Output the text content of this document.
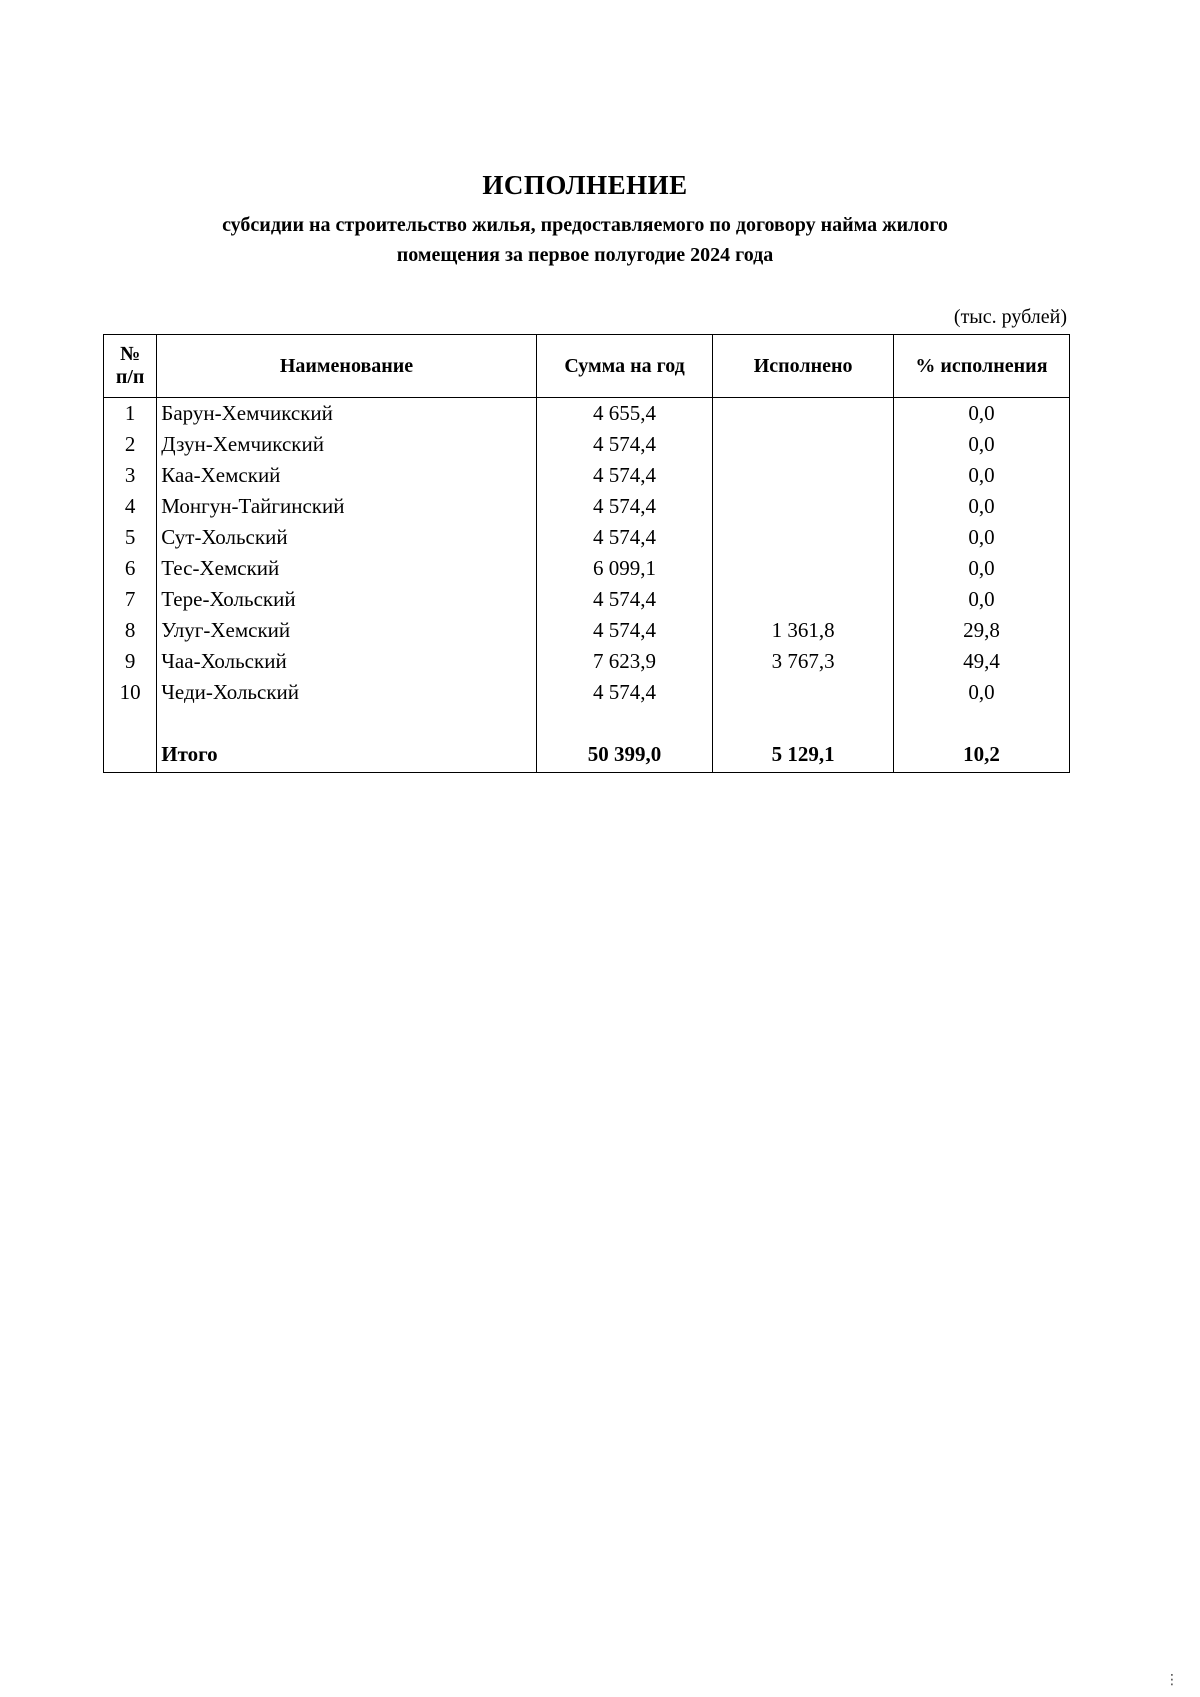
ИСПОЛНЕНИЕ
субсидии на строительство жилья, предоставляемого по договору найма жилого
помещения за первое полугодие 2024 года
(тыс. рублей)
№
п/п	Наименование	Сумма на год	Исполнено	% исполнения
1	Барун-Хемчикский	4 655,4		0,0
2	Дзун-Хемчикский	4 574,4		0,0
3	Каа-Хемский	4 574,4		0,0
4	Монгун-Тайгинский	4 574,4		0,0
5	Сут-Хольский	4 574,4		0,0
6	Тес-Хемский	6 099,1		0,0
7	Тере-Хольский	4 574,4		0,0
8	Улуг-Хемский	4 574,4	1 361,8	29,8
9	Чаа-Хольский	7 623,9	3 767,3	49,4
10	Чеди-Хольский	4 574,4		0,0

	Итого	50 399,0	5 129,1	10,2
⋮
